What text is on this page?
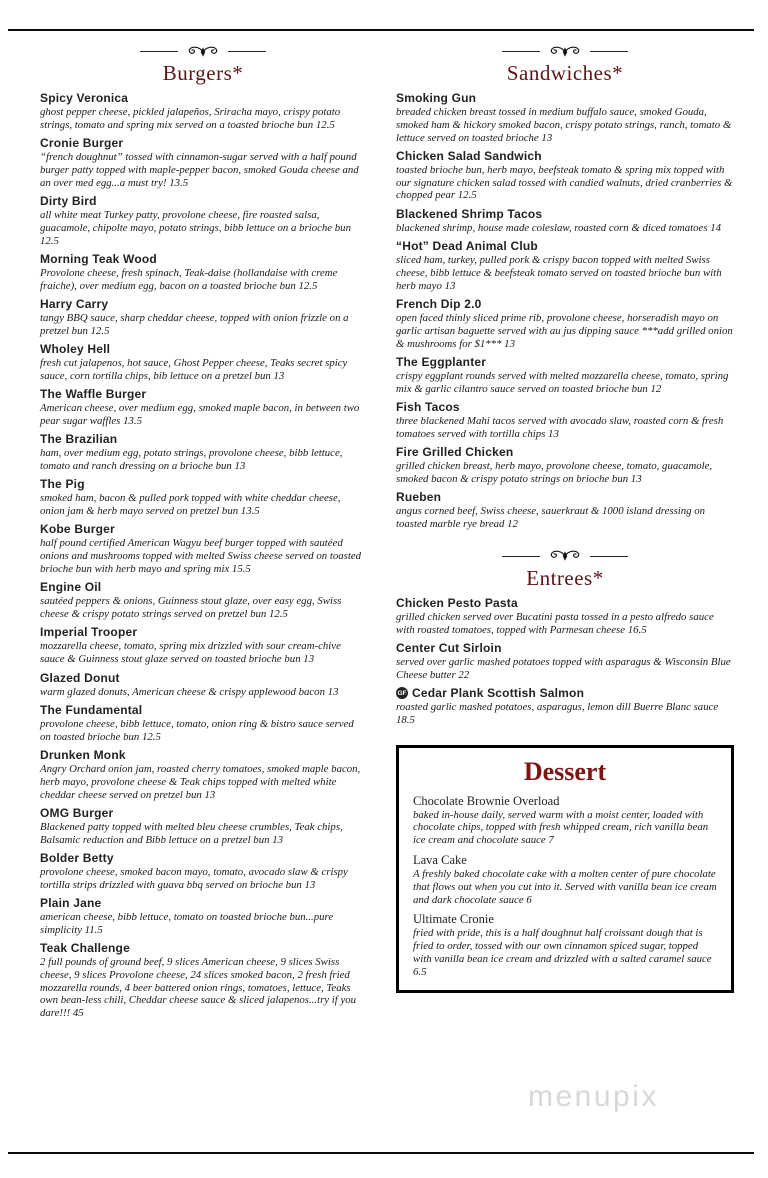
Burgers*
Spicy Veronica

ghost pepper cheese, pickled jalapeños, Sriracha mayo, crispy potato strings, tomato and spring mix served on a toasted brioche bun 12.5

Cronie Burger

“french doughnut” tossed with cinnamon-sugar served with a half pound burger patty topped with maple-pepper bacon, smoked Gouda cheese and an over med egg...a must try! 13.5

Dirty Bird

all white meat Turkey patty, provolone cheese, fire roasted salsa, guacamole, chipolte mayo, potato strings, bibb lettuce on a brioche bun 12.5

Morning Teak Wood

Provolone cheese, fresh spinach, Teak-daise (hollandaise with creme fraiche), over medium egg, bacon on a toasted brioche bun 12.5

Harry Carry

tangy BBQ sauce, sharp cheddar cheese, topped with onion frizzle on a pretzel bun 12.5

Wholey Hell

fresh cut jalapenos, hot sauce, Ghost Pepper cheese, Teaks secret spicy sauce, corn tortilla chips, bib lettuce on a pretzel bun 13

The Waffle Burger

American cheese, over medium egg, smoked maple bacon, in between two pear sugar waffles 13.5

The Brazilian

ham, over medium egg, potato strings, provolone cheese, bibb lettuce, tomato and ranch dressing on a brioche bun 13

The Pig

smoked ham, bacon & pulled pork topped with white cheddar cheese, onion jam & herb mayo served on pretzel bun 13.5

Kobe Burger

half pound certified American Wagyu beef burger topped with sautéed onions and mushrooms topped with melted Swiss cheese served on toasted brioche bun with herb mayo and spring mix 15.5

Engine Oil

sautéed peppers & onions, Guinness stout glaze, over easy egg, Swiss cheese & crispy potato strings served on pretzel bun 12.5

Imperial Trooper

mozzarella cheese, tomato, spring mix drizzled with sour cream-chive sauce & Guinness stout glaze served on toasted brioche bun 13

Glazed Donut

warm glazed donuts, American cheese & crispy applewood bacon 13

The Fundamental

provolone cheese, bibb lettuce, tomato, onion ring & bistro sauce served on toasted brioche bun 12.5

Drunken Monk

Angry Orchard onion jam, roasted cherry tomatoes, smoked maple bacon, herb mayo, provolone cheese & Teak chips topped with melted white cheddar cheese served on pretzel bun 13

OMG Burger

Blackened patty topped with melted bleu cheese crumbles, Teak chips, Balsamic reduction and Bibb lettuce on a pretzel bun 13

Bolder Betty

provolone cheese, smoked bacon mayo, tomato, avocado slaw & crispy tortilla strips drizzled with guava bbq served on brioche bun 13

Plain Jane

american cheese, bibb lettuce, tomato on toasted brioche bun...pure simplicity 11.5

Teak Challenge

2 full pounds of ground beef, 9 slices American cheese, 9 slices Swiss cheese, 9 slices Provolone cheese, 24 slices smoked bacon, 2 fresh fried mozzarella rounds, 4 beer battered onion rings, tomatoes, lettuce, Teaks own bean-less chili, Cheddar cheese sauce & sliced jalapenos...try if you dare!!! 45

Sandwiches*
Smoking Gun

breaded chicken breast tossed in medium buffalo sauce, smoked Gouda, smoked ham & hickory smoked bacon, crispy potato strings, ranch, tomato & lettuce served on toasted brioche 13

Chicken Salad Sandwich

toasted brioche bun, herb mayo, beefsteak tomato & spring mix topped with our signature chicken salad tossed with candied walnuts, dried cranberries & chopped pear 12.5

Blackened Shrimp Tacos

blackened shrimp, house made coleslaw, roasted corn & diced tomatoes 14

“Hot” Dead Animal Club

sliced ham, turkey, pulled pork & crispy bacon topped with melted Swiss cheese, bibb lettuce & beefsteak tomato served on toasted brioche bun with herb mayo 13

French Dip 2.0

open faced thinly sliced prime rib, provolone cheese, horseradish mayo on garlic artisan baguette served with au jus dipping sauce ***add grilled onion & mushrooms for $1*** 13

The Eggplanter

crispy eggplant rounds served with melted mozzarella cheese, tomato, spring mix & garlic cilantro sauce served on toasted brioche bun 12

Fish Tacos

three blackened Mahi tacos served with avocado slaw, roasted corn & fresh tomatoes served with tortilla chips 13

Fire Grilled Chicken

grilled chicken breast, herb mayo, provolone cheese, tomato, guacamole, smoked bacon & crispy potato strings on brioche bun 13

Rueben

angus corned beef, Swiss cheese, sauerkraut & 1000 island dressing on toasted marble rye bread 12

Entrees*
Chicken Pesto Pasta

grilled chicken served over Bucatini pasta tossed in a pesto alfredo sauce with roasted tomatoes, topped with Parmesan cheese 16.5

Center Cut Sirloin

served over garlic mashed potatoes topped with asparagus & Wisconsin Blue Cheese butter 22

GF Cedar Plank Scottish Salmon

roasted garlic mashed potatoes, asparagus, lemon dill Buerre Blanc sauce 18.5

Dessert
Chocolate Brownie Overload

baked in-house daily, served warm with a moist center, loaded with chocolate chips, topped with fresh whipped cream, rich vanilla bean ice cream and chocolate sauce 7

Lava Cake

A freshly baked chocolate cake with a molten center of pure chocolate that flows out when you cut into it. Served with vanilla bean ice cream and dark chocolate sauce 6

Ultimate Cronie

fried with pride, this is a half doughnut half croissant dough that is fried to order, tossed with our own cinnamon spiced sugar, topped with vanilla bean ice cream and drizzled with a salted caramel sauce 6.5

menupix
